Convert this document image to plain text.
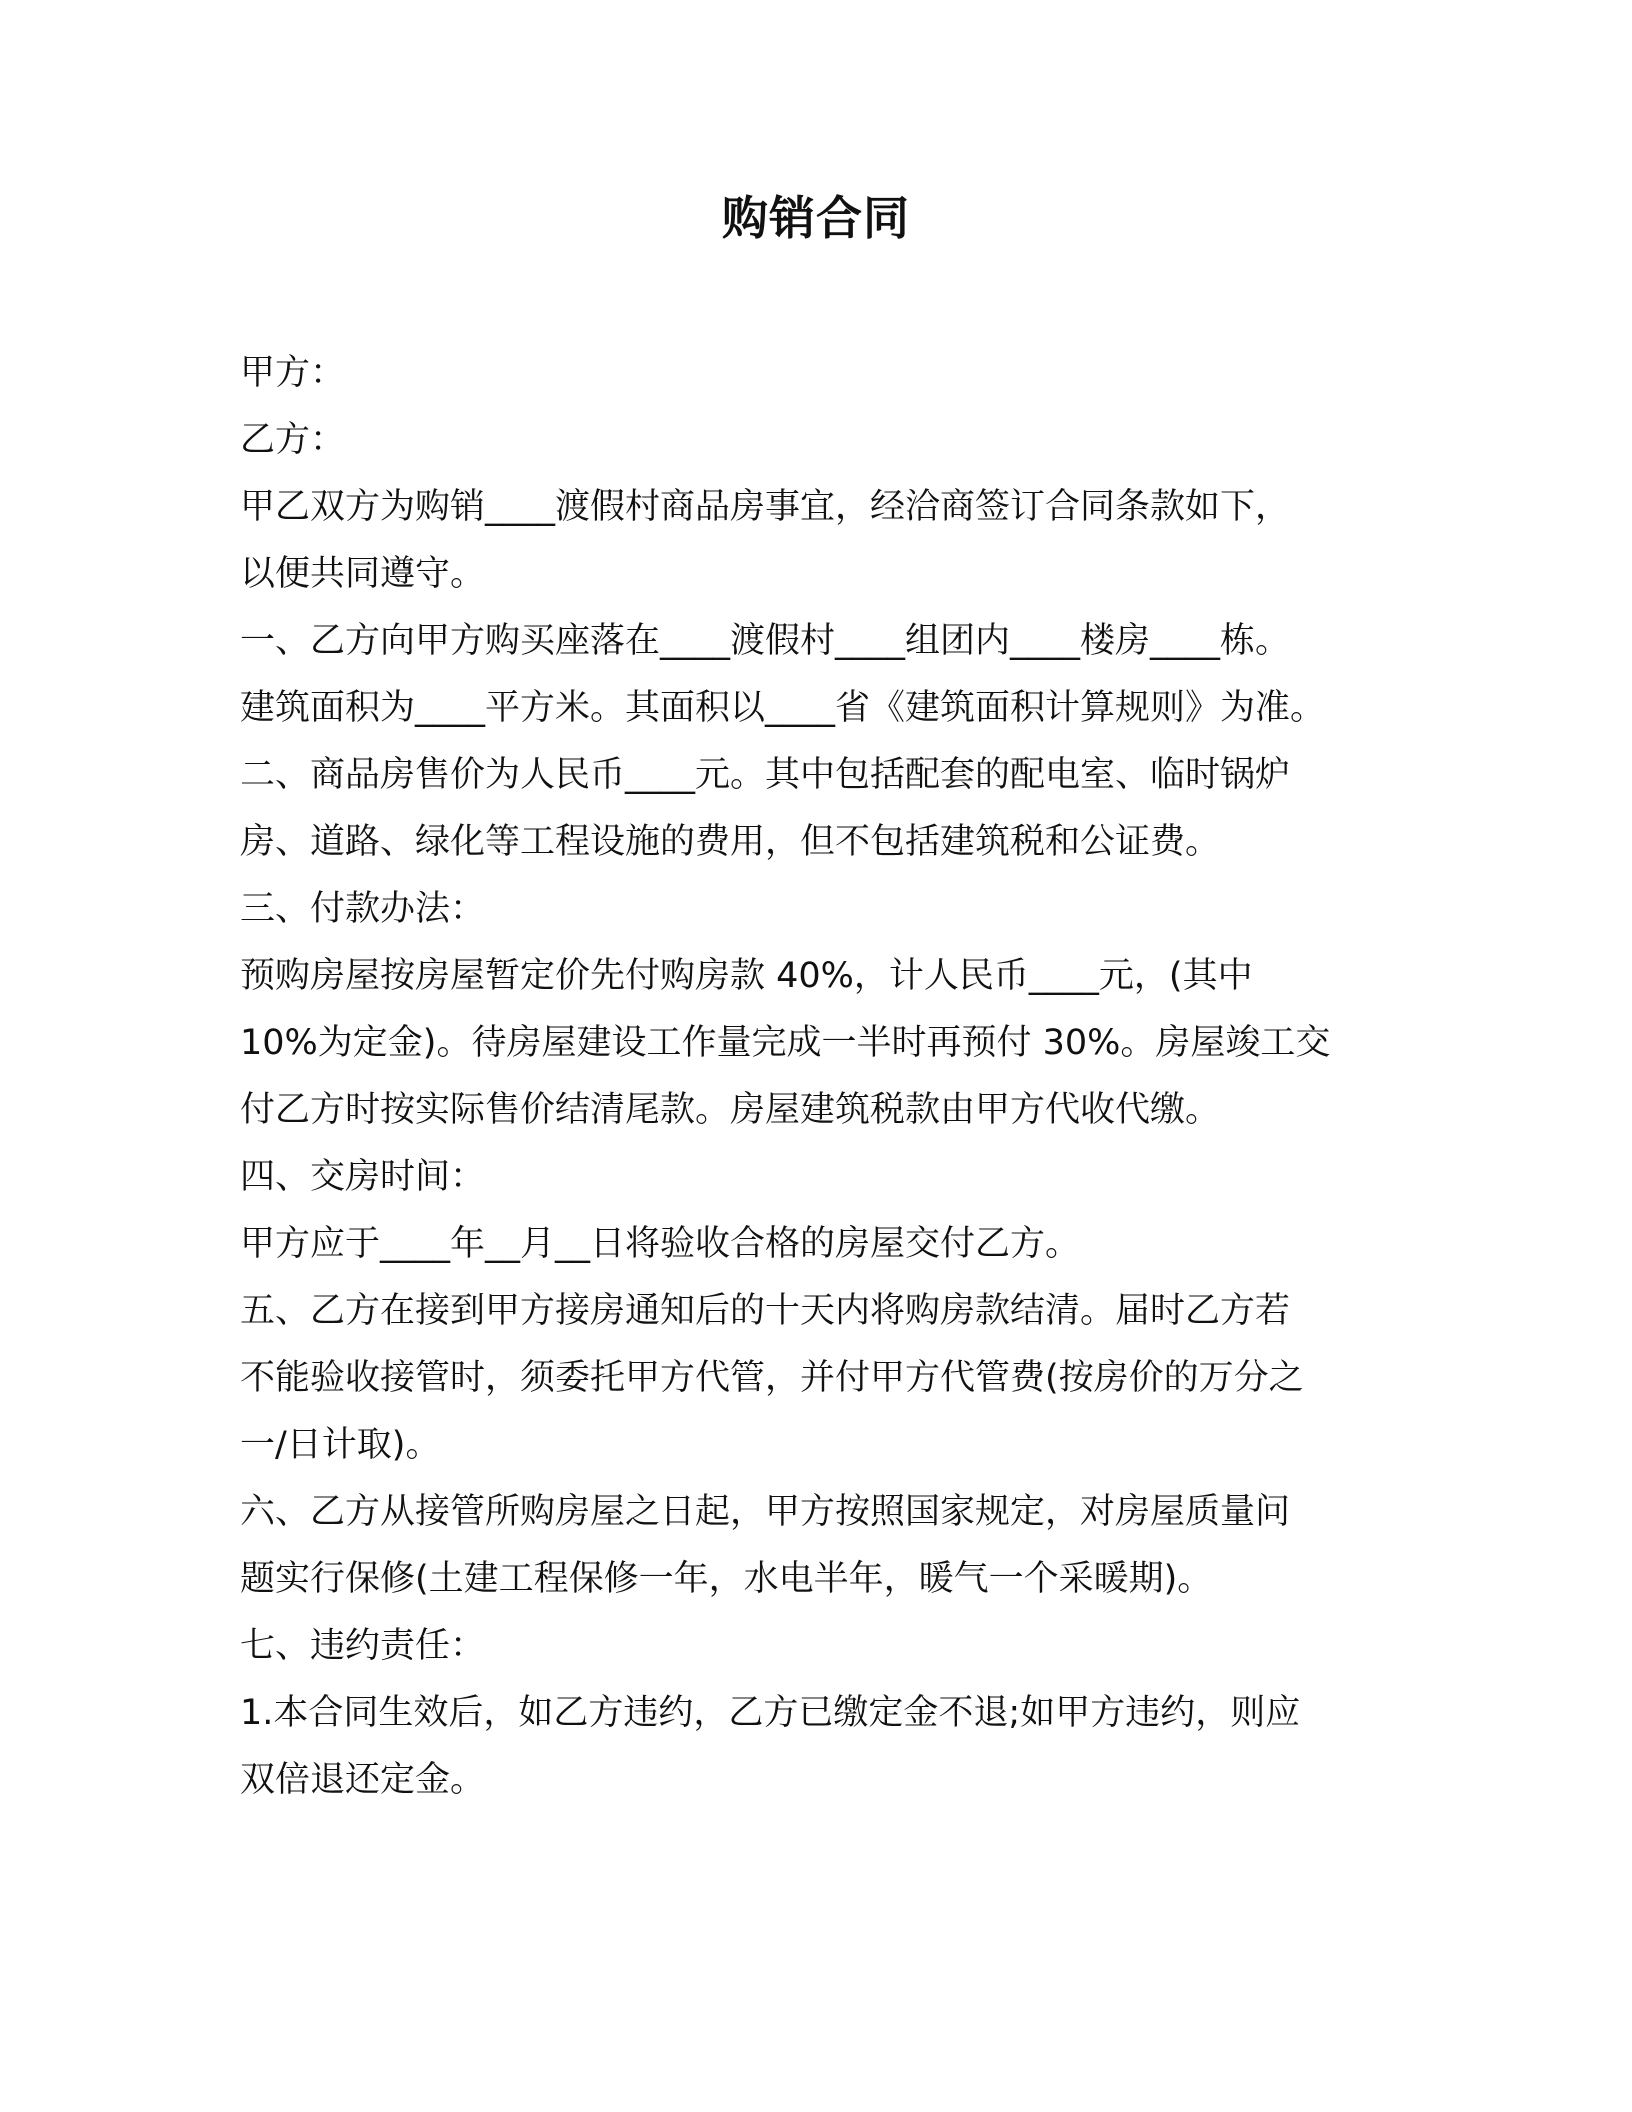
购销合同
甲方：
乙方：
甲乙双方为购销____渡假村商品房事宜，经洽商签订合同条款如下，
以便共同遵守。
一、乙方向甲方购买座落在____渡假村____组团内____楼房____栋。
建筑面积为____平方米。其面积以____省《建筑面积计算规则》为准。
二、商品房售价为人民币____元。其中包括配套的配电室、临时锅炉
房、道路、绿化等工程设施的费用，但不包括建筑税和公证费。
三、付款办法：
预购房屋按房屋暂定价先付购房款 40%，计人民币____元，(其中
10%为定金)。待房屋建设工作量完成一半时再预付 30%。房屋竣工交
付乙方时按实际售价结清尾款。房屋建筑税款由甲方代收代缴。
四、交房时间：
甲方应于____年__月__日将验收合格的房屋交付乙方。
五、乙方在接到甲方接房通知后的十天内将购房款结清。届时乙方若
不能验收接管时，须委托甲方代管，并付甲方代管费(按房价的万分之
一/日计取)。
六、乙方从接管所购房屋之日起，甲方按照国家规定，对房屋质量问
题实行保修(土建工程保修一年，水电半年，暖气一个采暖期)。
七、违约责任：
1.本合同生效后，如乙方违约，乙方已缴定金不退;如甲方违约，则应
双倍退还定金。
